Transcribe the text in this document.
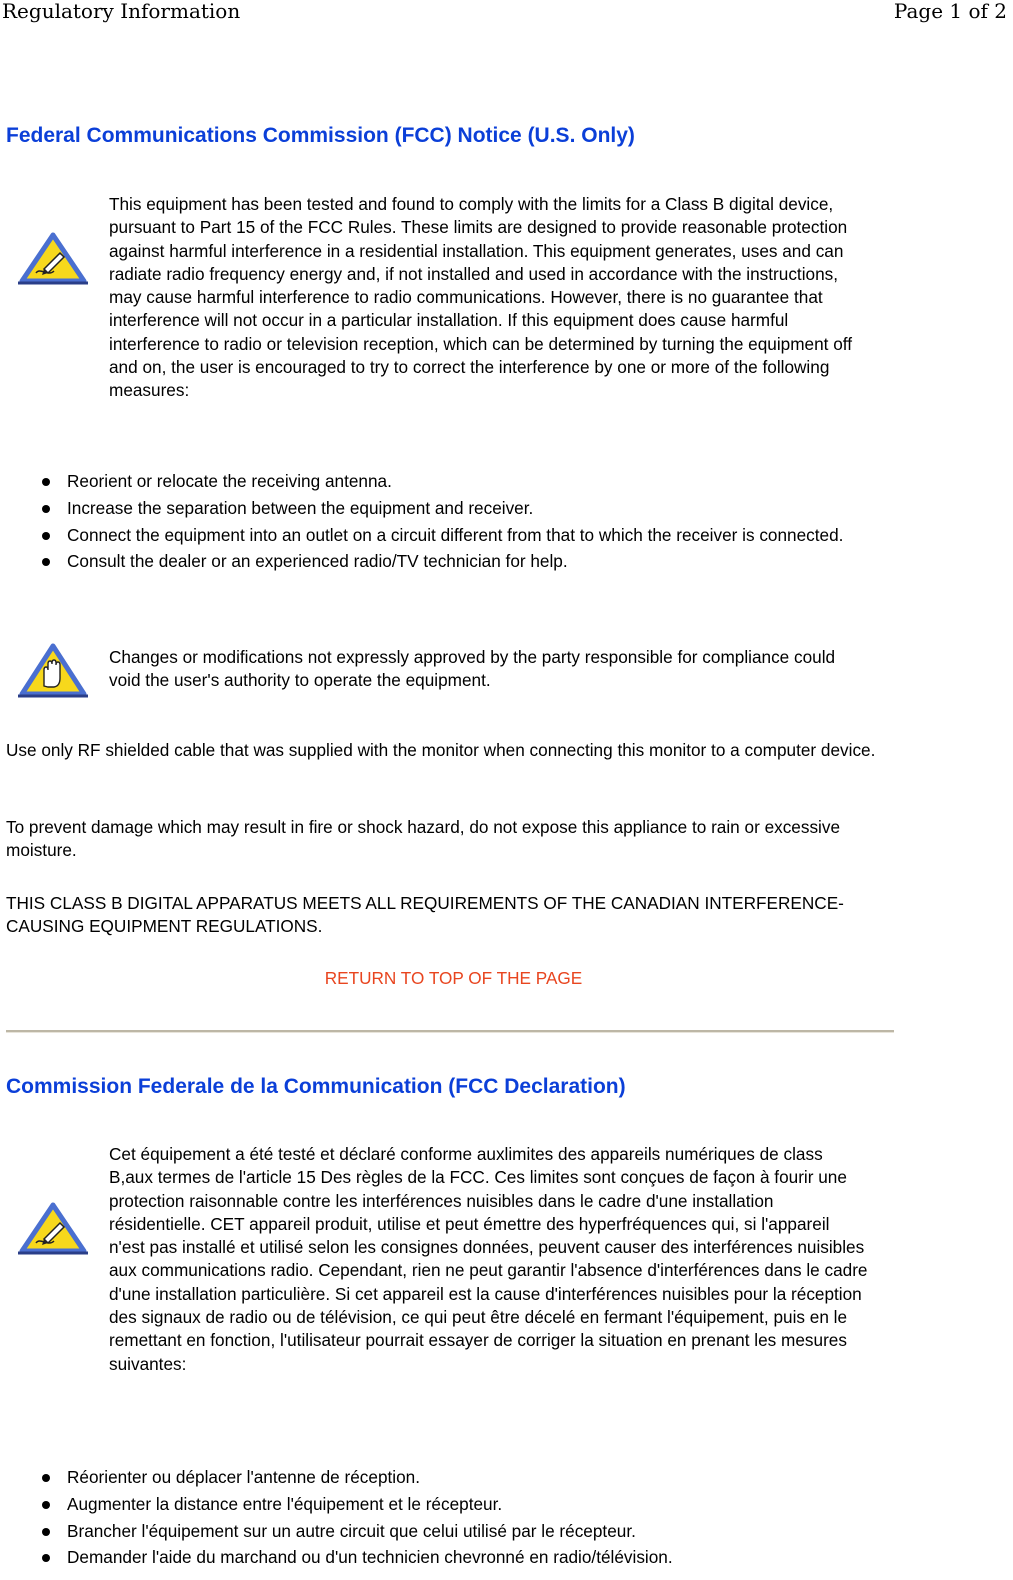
Regulatory Information	Page 1 of 2
Federal Communications Commission (FCC) Notice (U.S. Only)
This equipment has been tested and found to comply with the limits for a Class B digital device, pursuant to Part 15 of the FCC Rules. These limits are designed to provide reasonable protection against harmful interference in a residential installation. This equipment generates, uses and can radiate radio frequency energy and, if not installed and used in accordance with the instructions, may cause harmful interference to radio communications. However, there is no guarantee that interference will not occur in a particular installation. If this equipment does cause harmful interference to radio or television reception, which can be determined by turning the equipment off and on, the user is encouraged to try to correct the interference by one or more of the following measures:
Reorient or relocate the receiving antenna.
Increase the separation between the equipment and receiver.
Connect the equipment into an outlet on a circuit different from that to which the receiver is connected.
Consult the dealer or an experienced radio/TV technician for help.
Changes or modifications not expressly approved by the party responsible for compliance could void the user's authority to operate the equipment.

Use only RF shielded cable that was supplied with the monitor when connecting this monitor to a computer device.

To prevent damage which may result in fire or shock hazard, do not expose this appliance to rain or excessive moisture.

THIS CLASS B DIGITAL APPARATUS MEETS ALL REQUIREMENTS OF THE CANADIAN INTERFERENCE-CAUSING EQUIPMENT REGULATIONS.

RETURN TO TOP OF THE PAGE
Commission Federale de la Communication (FCC Declaration)
Cet équipement a été testé et déclaré conforme auxlimites des appareils numériques de class B,aux termes de l'article 15 Des règles de la FCC. Ces limites sont conçues de façon à fourir une protection raisonnable contre les interférences nuisibles dans le cadre d'une installation résidentielle. CET appareil produit, utilise et peut émettre des hyperfréquences qui, si l'appareil n'est pas installé et utilisé selon les consignes données, peuvent causer des interférences nuisibles aux communications radio. Cependant, rien ne peut garantir l'absence d'interférences dans le cadre d'une installation particulière. Si cet appareil est la cause d'interférences nuisibles pour la réception des signaux de radio ou de télévision, ce qui peut être décelé en fermant l'équipement, puis en le remettant en fonction, l'utilisateur pourrait essayer de corriger la situation en prenant les mesures suivantes:
Réorienter ou déplacer l'antenne de réception.
Augmenter la distance entre l'équipement et le récepteur.
Brancher l'équipement sur un autre circuit que celui utilisé par le récepteur.
Demander l'aide du marchand ou d'un technicien chevronné en radio/télévision.
